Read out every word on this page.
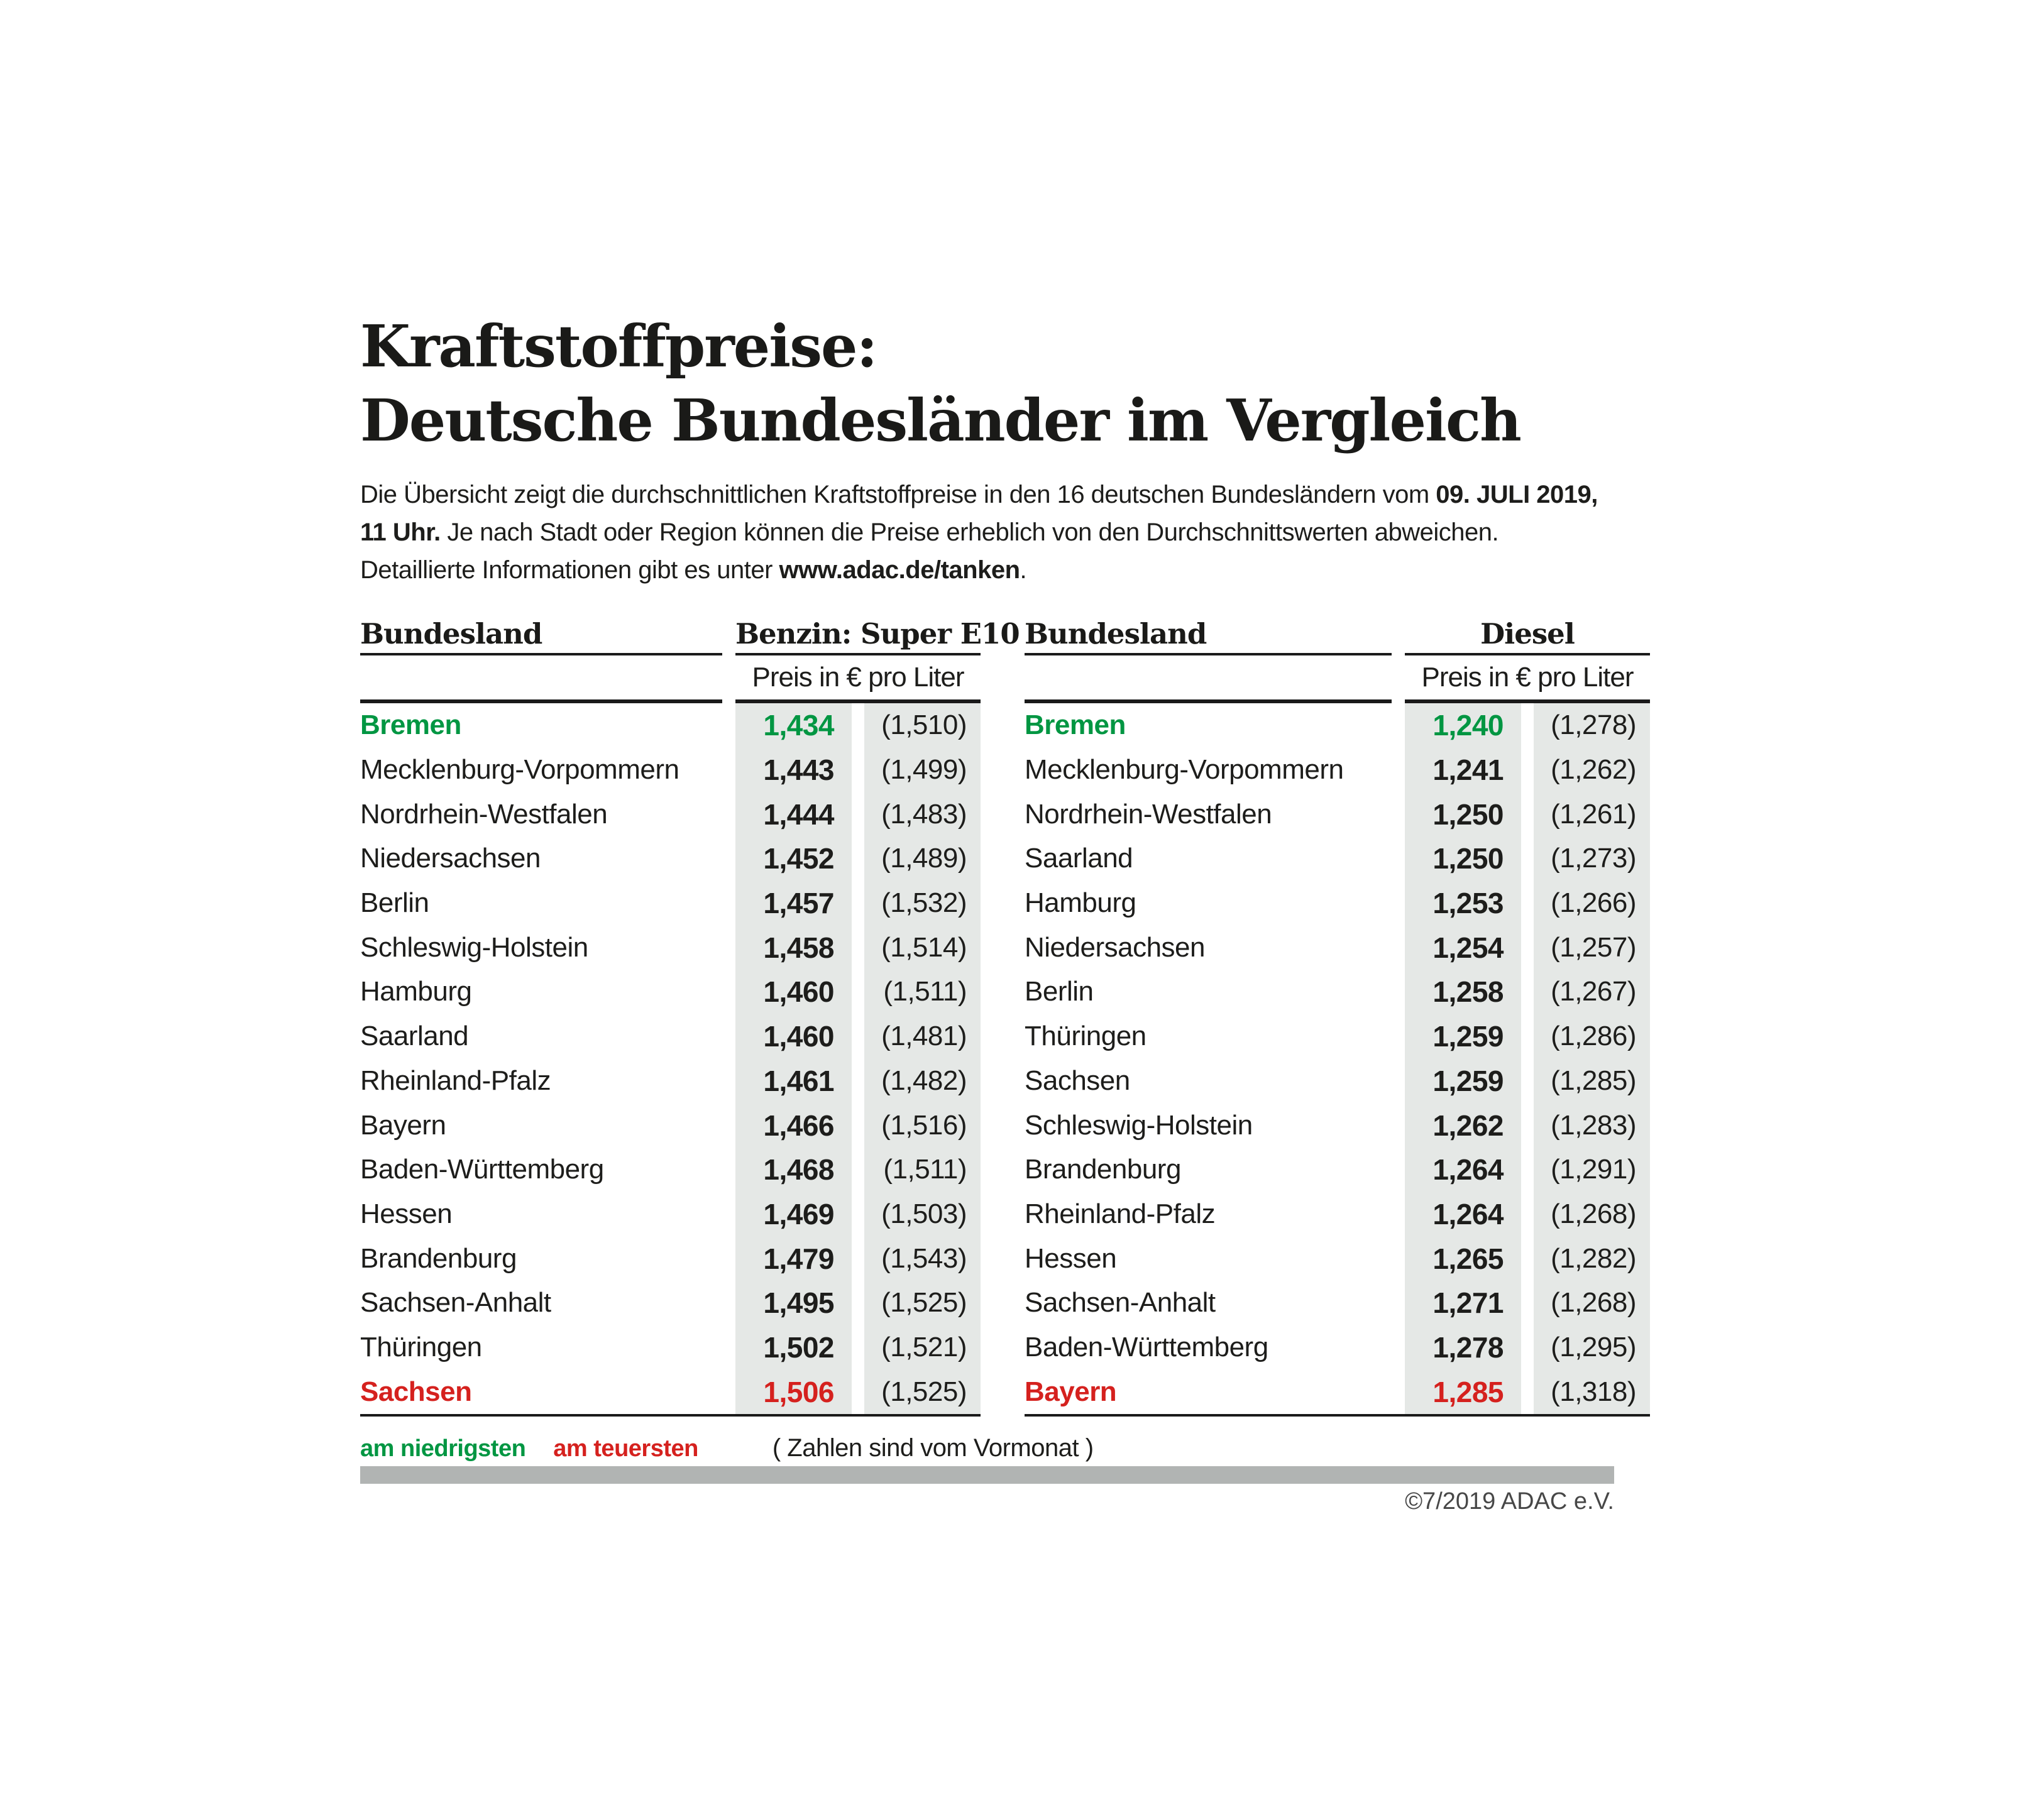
Kraftstoffpreise:
Deutsche Bundesländer im Vergleich
Die Übersicht zeigt die durchschnittlichen Kraftstoffpreise in den 16 deutschen Bundesländern vom 09. JULI 2019,
11 Uhr. Je nach Stadt oder Region können die Preise erheblich von den Durchschnittswerten abweichen.
Detaillierte Informationen gibt es unter www.adac.de/tanken.
Bundesland	Benzin: Super E10
Preis in € pro Liter
Bremen	1,434	(1,510)
Mecklenburg-Vorpommern	1,443	(1,499)
Nordrhein-Westfalen	1,444	(1,483)
Niedersachsen	1,452	(1,489)
Berlin	1,457	(1,532)
Schleswig-Holstein	1,458	(1,514)
Hamburg	1,460	(1,511)
Saarland	1,460	(1,481)
Rheinland-Pfalz	1,461	(1,482)
Bayern	1,466	(1,516)
Baden-Württemberg	1,468	(1,511)
Hessen	1,469	(1,503)
Brandenburg	1,479	(1,543)
Sachsen-Anhalt	1,495	(1,525)
Thüringen	1,502	(1,521)
Sachsen	1,506	(1,525)
Bundesland	Diesel
Preis in € pro Liter
Bremen	1,240	(1,278)
Mecklenburg-Vorpommern	1,241	(1,262)
Nordrhein-Westfalen	1,250	(1,261)
Saarland	1,250	(1,273)
Hamburg	1,253	(1,266)
Niedersachsen	1,254	(1,257)
Berlin	1,258	(1,267)
Thüringen	1,259	(1,286)
Sachsen	1,259	(1,285)
Schleswig-Holstein	1,262	(1,283)
Brandenburg	1,264	(1,291)
Rheinland-Pfalz	1,264	(1,268)
Hessen	1,265	(1,282)
Sachsen-Anhalt	1,271	(1,268)
Baden-Württemberg	1,278	(1,295)
Bayern	1,285	(1,318)
am niedrigsten am teuersten	( Zahlen sind vom Vormonat )
©7/2019 ADAC e.V.
